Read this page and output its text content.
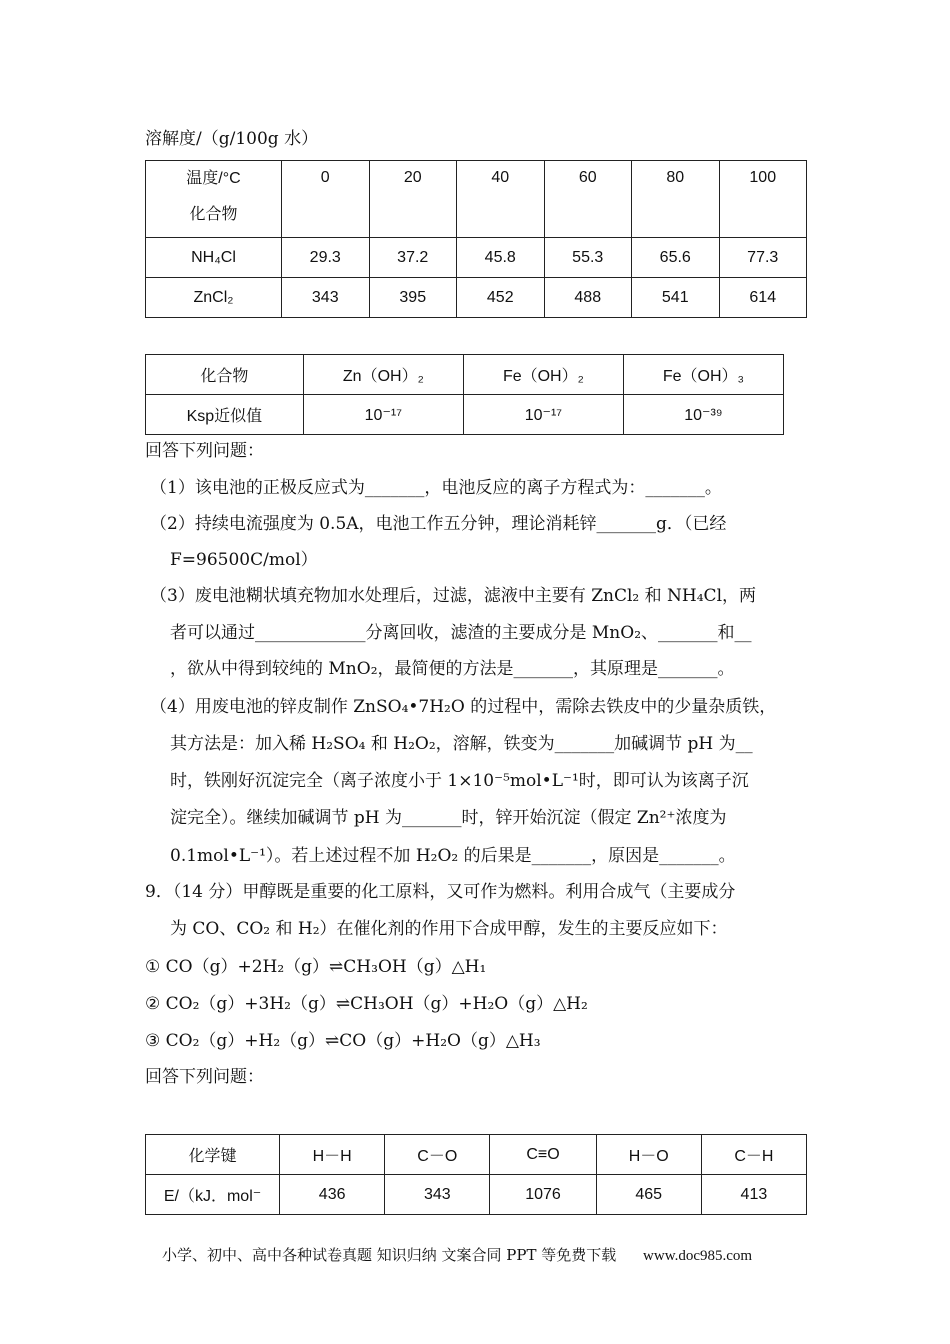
溶解度/（g/100g 水）
温度/°C
化合物	0	20	40	60	80	100
NH₄Cl	29.3	37.2	45.8	55.3	65.6	77.3
ZnCl₂	343	395	452	488	541	614
化合物	Zn（OH）₂	Fe（OH）₂	Fe（OH）₃
Ksp近似值	10⁻¹⁷	10⁻¹⁷	10⁻³⁹
回答下列问题：
（1）该电池的正极反应式为_______，电池反应的离子方程式为：_______。
（2）持续电流强度为 0.5A，电池工作五分钟，理论消耗锌_______g．（已经
F=96500C/mol）
（3）废电池糊状填充物加水处理后，过滤，滤液中主要有 ZnCl₂ 和 NH₄Cl，两
者可以通过_____________分离回收，滤渣的主要成分是 MnO₂、_______和__
，欲从中得到较纯的 MnO₂，最简便的方法是_______，其原理是_______。
（4）用废电池的锌皮制作 ZnSO₄•7H₂O 的过程中，需除去铁皮中的少量杂质铁，
其方法是：加入稀 H₂SO₄ 和 H₂O₂，溶解，铁变为_______加碱调节 pH 为__
时，铁刚好沉淀完全（离子浓度小于 1×10⁻⁵mol•L⁻¹时，即可认为该离子沉
淀完全）。继续加碱调节 pH 为_______时，锌开始沉淀（假定 Zn²⁺浓度为
0.1mol•L⁻¹）。若上述过程不加 H₂O₂ 的后果是_______，原因是_______。
9．（14 分）甲醇既是重要的化工原料，又可作为燃料。利用合成气（主要成分
为 CO、CO₂ 和 H₂）在催化剂的作用下合成甲醇，发生的主要反应如下：
① CO（g）+2H₂（g）⇌CH₃OH（g）△H₁
② CO₂（g）+3H₂（g）⇌CH₃OH（g）+H₂O（g）△H₂
③ CO₂（g）+H₂（g）⇌CO（g）+H₂O（g）△H₃
回答下列问题：
化学键	H－H	C－O	C≡O	H－O	C－H
E/（kJ．mol⁻	436	343	1076	465	413
小学、初中、高中各种试卷真题 知识归纳 文案合同 PPT 等免费下载 www.doc985.com
